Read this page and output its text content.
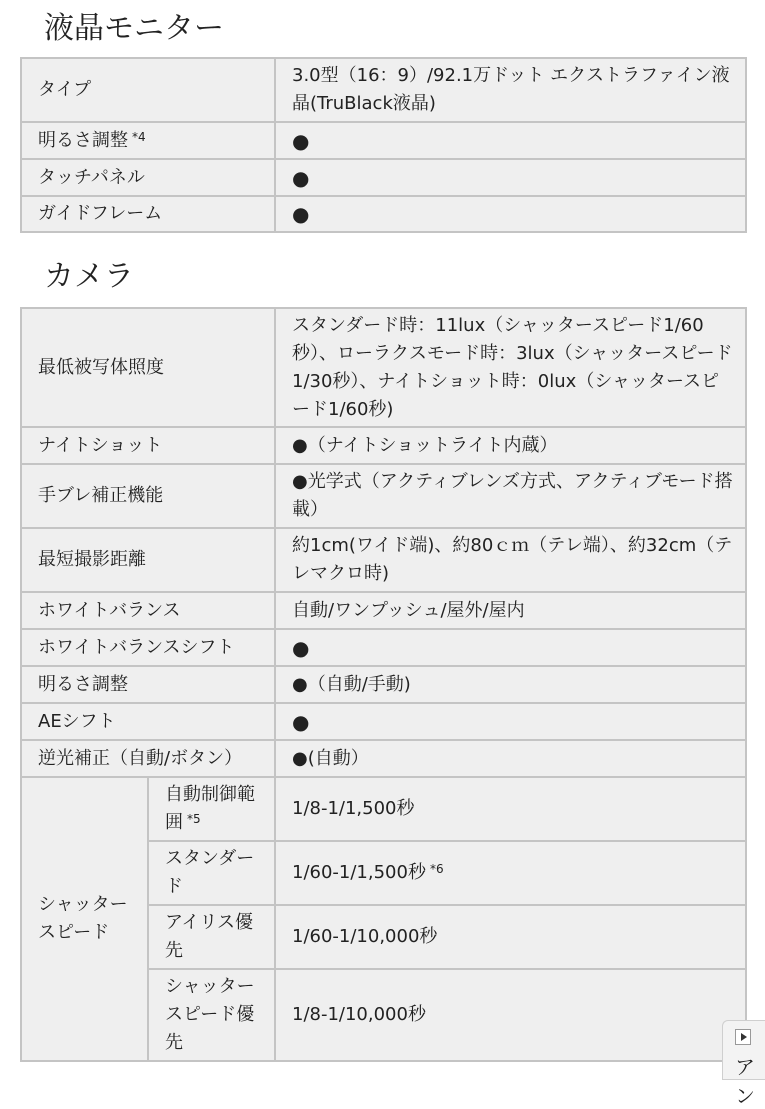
液晶モニター
タイプ	3.0型（16：9）/92.1万ドット エクストラファイン液晶(TruBlack液晶)
明るさ調整 $^{*4}$	●
タッチパネル	●
ガイドフレーム	●
カメラ
最低被写体照度		スタンダード時：11lux（シャッタースピード1/60秒）、ローラクスモード時：3lux（シャッタースピード1/30秒）、ナイトショット時：0lux（シャッタースピード1/60秒)
ナイトショット		●（ナイトショットライト内蔵）
手ブレ補正機能		●光学式（アクティブレンズ方式、アクティブモード搭載）
最短撮影距離		約1cm(ワイド端)、約80ｃｍ（テレ端）、約32cm（テレマクロ時)
ホワイトバランス		自動/ワンプッシュ/屋外/屋内
ホワイトバランスシフト		●
明るさ調整		●（自動/手動)
AEシフト		●
逆光補正（自動/ボタン）		●(自動）
シャッタースピード	自動制御範囲 $^{*5}$	1/8-1/1,500秒
	スタンダード	1/60-1/1,500秒 $^{*6}$
	アイリス優先	1/60-1/10,000秒
	シャッタースピード優先	1/8-1/10,000秒
アン
